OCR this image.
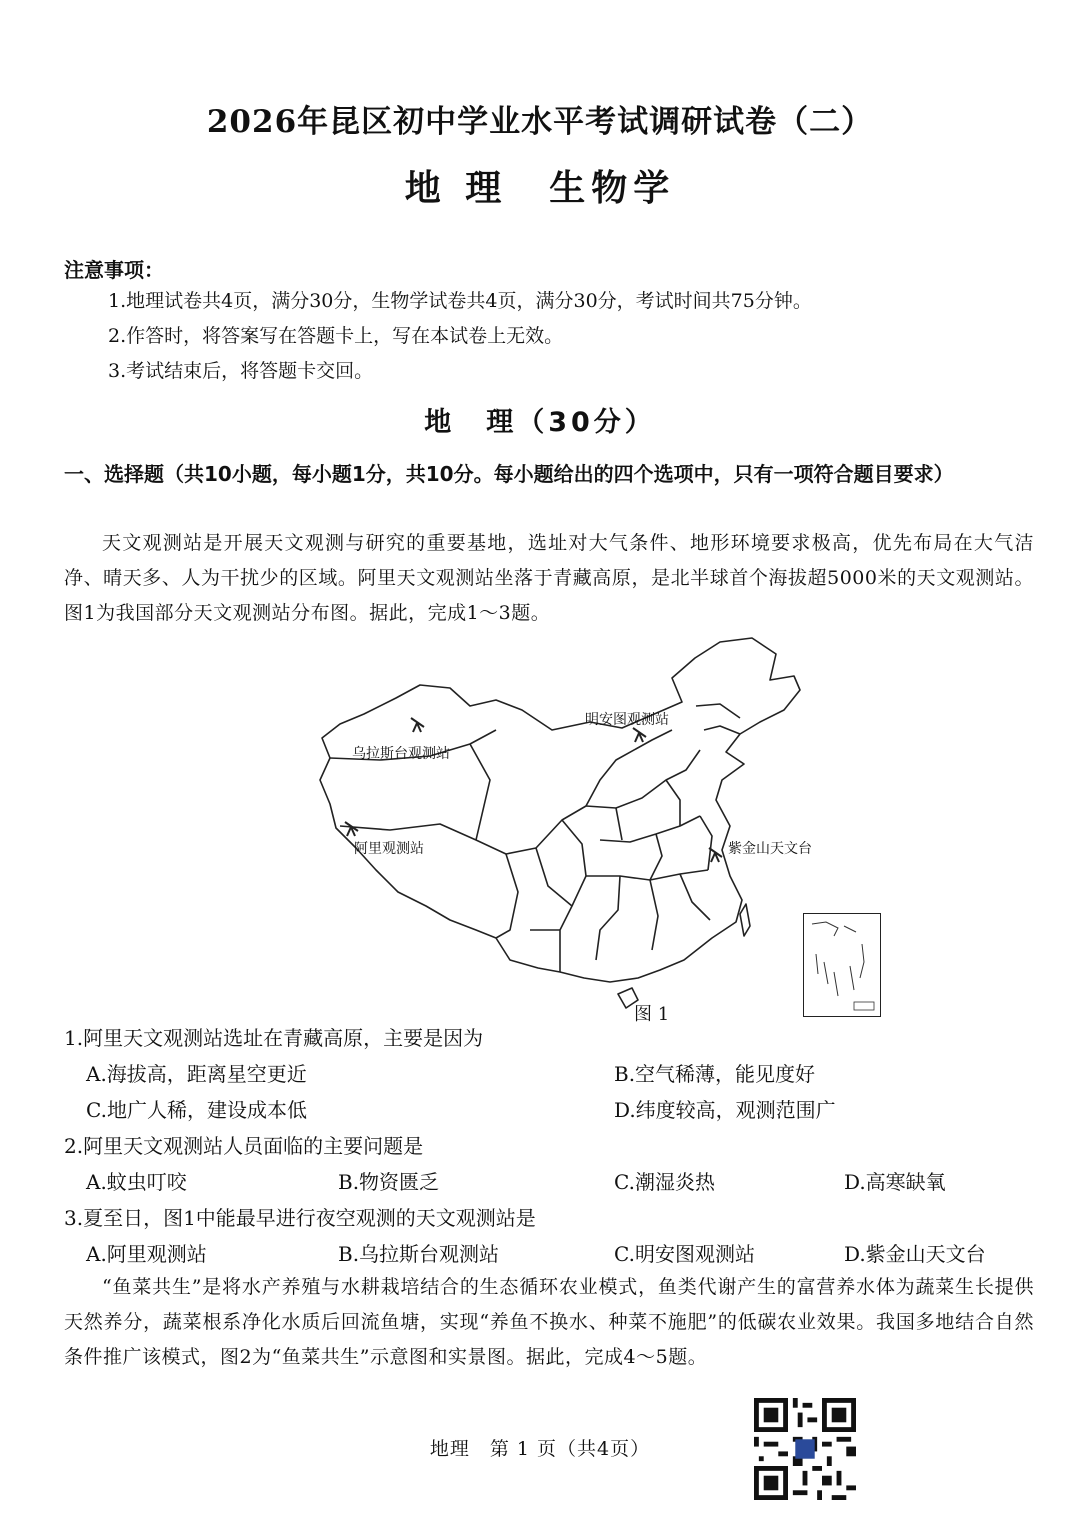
2026年昆区初中学业水平考试调研试卷（二）
地 理　生物学
注意事项：
1.地理试卷共4页，满分30分，生物学试卷共4页，满分30分，考试时间共75分钟。
2.作答时，将答案写在答题卡上，写在本试卷上无效。
3.考试结束后，将答题卡交回。
地　理（30分）
一、选择题（共10小题，每小题1分，共10分。每小题给出的四个选项中，只有一项符合题目要求）
天文观测站是开展天文观测与研究的重要基地，选址对大气条件、地形环境要求极高，优先布局在大气洁净、晴天多、人为干扰少的区域。阿里天文观测站坐落于青藏高原，是北半球首个海拔超5000米的天文观测站。图1为我国部分天文观测站分布图。据此，完成1～3题。
明安图观测站
乌拉斯台观测站
阿里观测站	紫金山天文台
图 1
1.阿里天文观测站选址在青藏高原，主要是因为
A.海拔高，距离星空更近	B.空气稀薄，能见度好
C.地广人稀，建设成本低	D.纬度较高，观测范围广
2.阿里天文观测站人员面临的主要问题是
A.蚊虫叮咬	B.物资匮乏	C.潮湿炎热	D.高寒缺氧
3.夏至日，图1中能最早进行夜空观测的天文观测站是
A.阿里观测站	B.乌拉斯台观测站	C.明安图观测站	D.紫金山天文台
“鱼菜共生”是将水产养殖与水耕栽培结合的生态循环农业模式，鱼类代谢产生的富营养水体为蔬菜生长提供天然养分，蔬菜根系净化水质后回流鱼塘，实现“养鱼不换水、种菜不施肥”的低碳农业效果。我国多地结合自然条件推广该模式，图2为“鱼菜共生”示意图和实景图。据此，完成4～5题。
地理　第 1 页（共4页）
